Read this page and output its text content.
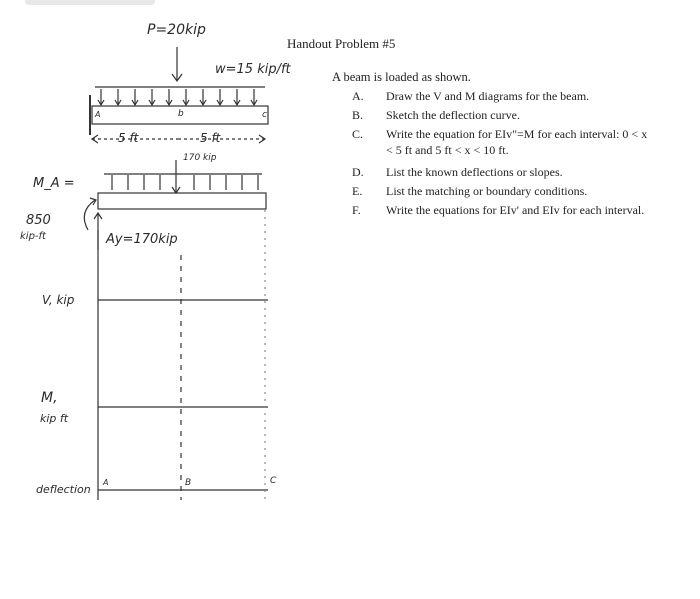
Handout Problem #5
A beam is loaded as shown.
A. Draw the V and M diagrams for the beam.
B. Sketch the deflection curve.
C. Write the equation for EIv"=M for each interval: 0 < x < 5 ft and 5 ft < x < 10 ft.
D. List the known deflections or slopes.
E. List the matching or boundary conditions.
F. Write the equations for EIv' and EIv for each interval.
P=20kip
w=15 kip/ft
A	b	c
5 ft	5 ft
170 kip
M_A =
850
kip-ft	Ay=170kip
V, kip
M,
kip ft
deflection
A	B	C
